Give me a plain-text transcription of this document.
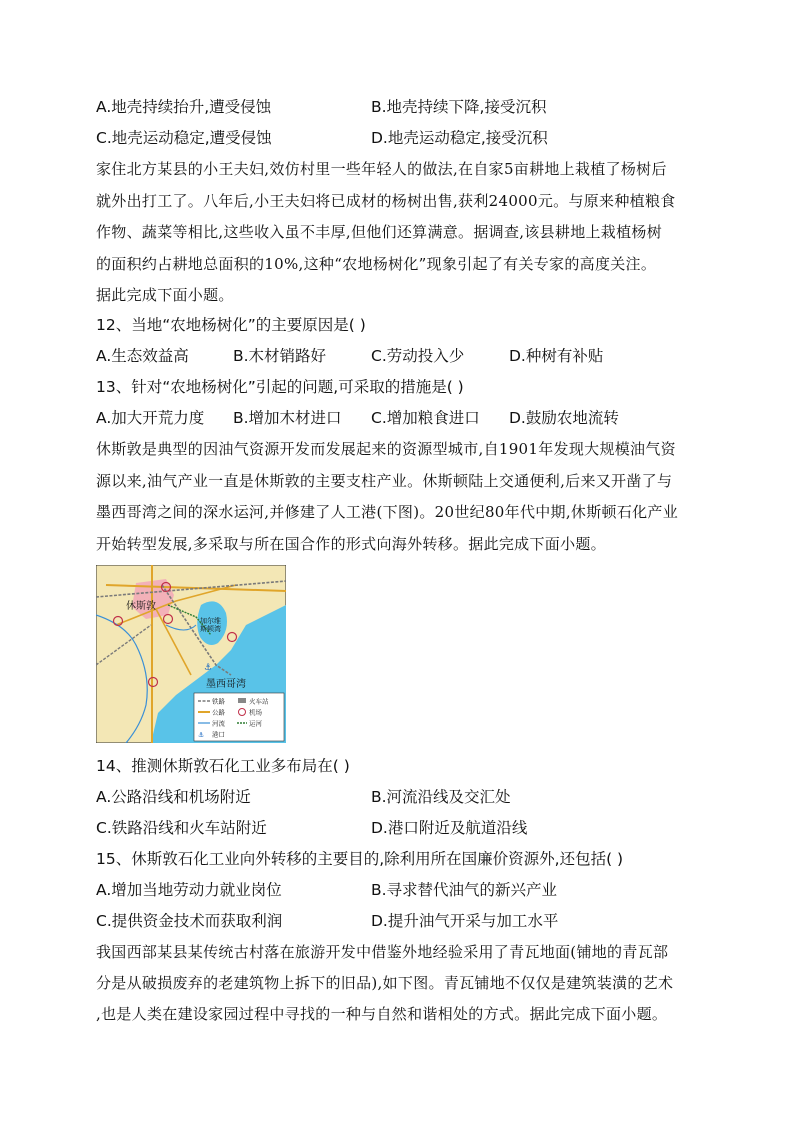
A.地壳持续抬升,遭受侵蚀	B.地壳持续下降,接受沉积
C.地壳运动稳定,遭受侵蚀	D.地壳运动稳定,接受沉积
家住北方某县的小王夫妇,效仿村里一些年轻人的做法,在自家5亩耕地上栽植了杨树后
就外出打工了。八年后,小王夫妇将已成材的杨树出售,获利24000元。与原来种植粮食
作物、蔬菜等相比,这些收入虽不丰厚,但他们还算满意。据调查,该县耕地上栽植杨树
的面积约占耕地总面积的10%,这种“农地杨树化”现象引起了有关专家的高度关注。
据此完成下面小题。
12、当地“农地杨树化”的主要原因是( )
A.生态效益高	B.木材销路好	C.劳动投入少	D.种树有补贴
13、针对“农地杨树化”引起的问题,可采取的措施是( )
A.加大开荒力度 B.增加木材进口 C.增加粮食进口 D.鼓励农地流转
休斯敦是典型的因油气资源开发而发展起来的资源型城市,自1901年发现大规模油气资
源以来,油气产业一直是休斯敦的主要支柱产业。休斯顿陆上交通便利,后来又开凿了与
墨西哥湾之间的深水运河,并修建了人工港(下图)。20世纪80年代中期,休斯顿石化产业
开始转型发展,多采取与所在国合作的形式向海外转移。据此完成下面小题。
⚓
休斯敦
加尔维
斯顿湾
墨西哥湾
铁路
公路
河流
⚓ 港口
火车站
机场
运河
14、推测休斯敦石化工业多布局在( )
A.公路沿线和机场附近	B.河流沿线及交汇处
C.铁路沿线和火车站附近	D.港口附近及航道沿线
15、休斯敦石化工业向外转移的主要目的,除利用所在国廉价资源外,还包括( )
A.增加当地劳动力就业岗位	B.寻求替代油气的新兴产业
C.提供资金技术而获取利润	D.提升油气开采与加工水平
我国西部某县某传统古村落在旅游开发中借鉴外地经验采用了青瓦地面(铺地的青瓦部
分是从破损废弃的老建筑物上拆下的旧品),如下图。青瓦铺地不仅仅是建筑装潢的艺术
,也是人类在建设家园过程中寻找的一种与自然和谐相处的方式。据此完成下面小题。
